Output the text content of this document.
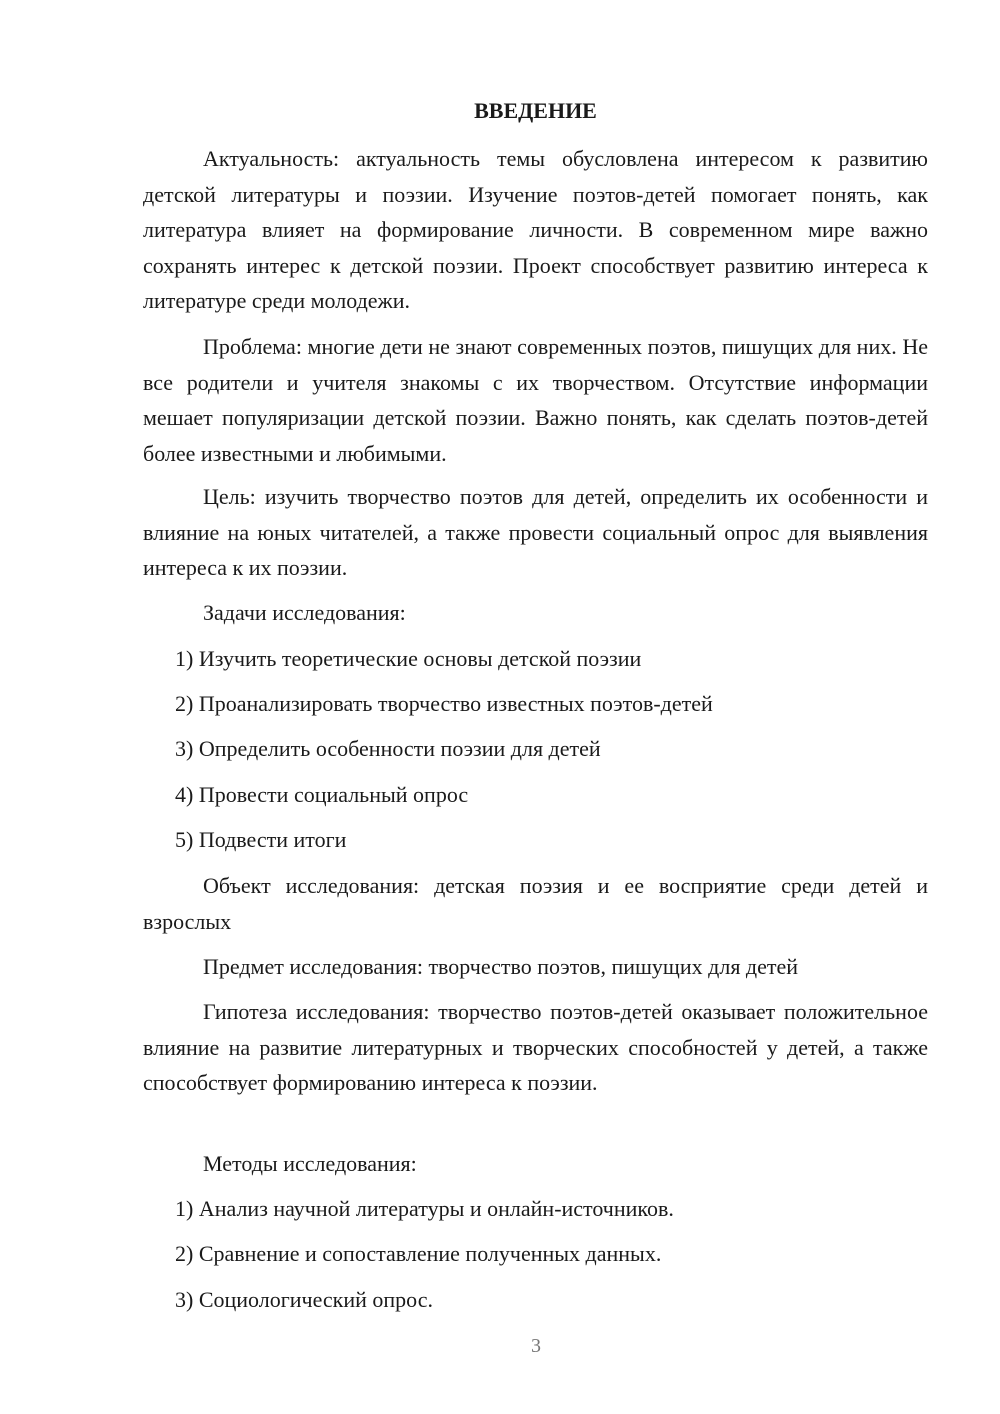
ВВЕДЕНИЕ

Актуальность: актуальность темы обусловлена интересом к развитию детской литературы и поэзии. Изучение поэтов-детей помогает понять, как литература влияет на формирование личности. В современном мире важно сохранять интерес к детской поэзии. Проект способствует развитию интереса к литературе среди молодежи.

Проблема: многие дети не знают современных поэтов, пишущих для них. Не все родители и учителя знакомы с их творчеством. Отсутствие информации мешает популяризации детской поэзии. Важно понять, как сделать поэтов-детей более известными и любимыми.

Цель: изучить творчество поэтов для детей, определить их особенности и влияние на юных читателей, а также провести социальный опрос для выявления интереса к их поэзии.

Задачи исследования:

1) Изучить теоретические основы детской поэзии

2) Проанализировать творчество известных поэтов-детей

3) Определить особенности поэзии для детей

4) Провести социальный опрос

5) Подвести итоги

Объект исследования: детская поэзия и ее восприятие среди детей и взрослых

Предмет исследования: творчество поэтов, пишущих для детей

Гипотеза исследования: творчество поэтов-детей оказывает положительное влияние на развитие литературных и творческих способностей у детей, а также способствует формированию интереса к поэзии.

Методы исследования:

1) Анализ научной литературы и онлайн-источников.

2) Сравнение и сопоставление полученных данных.

3) Социологический опрос.

3
